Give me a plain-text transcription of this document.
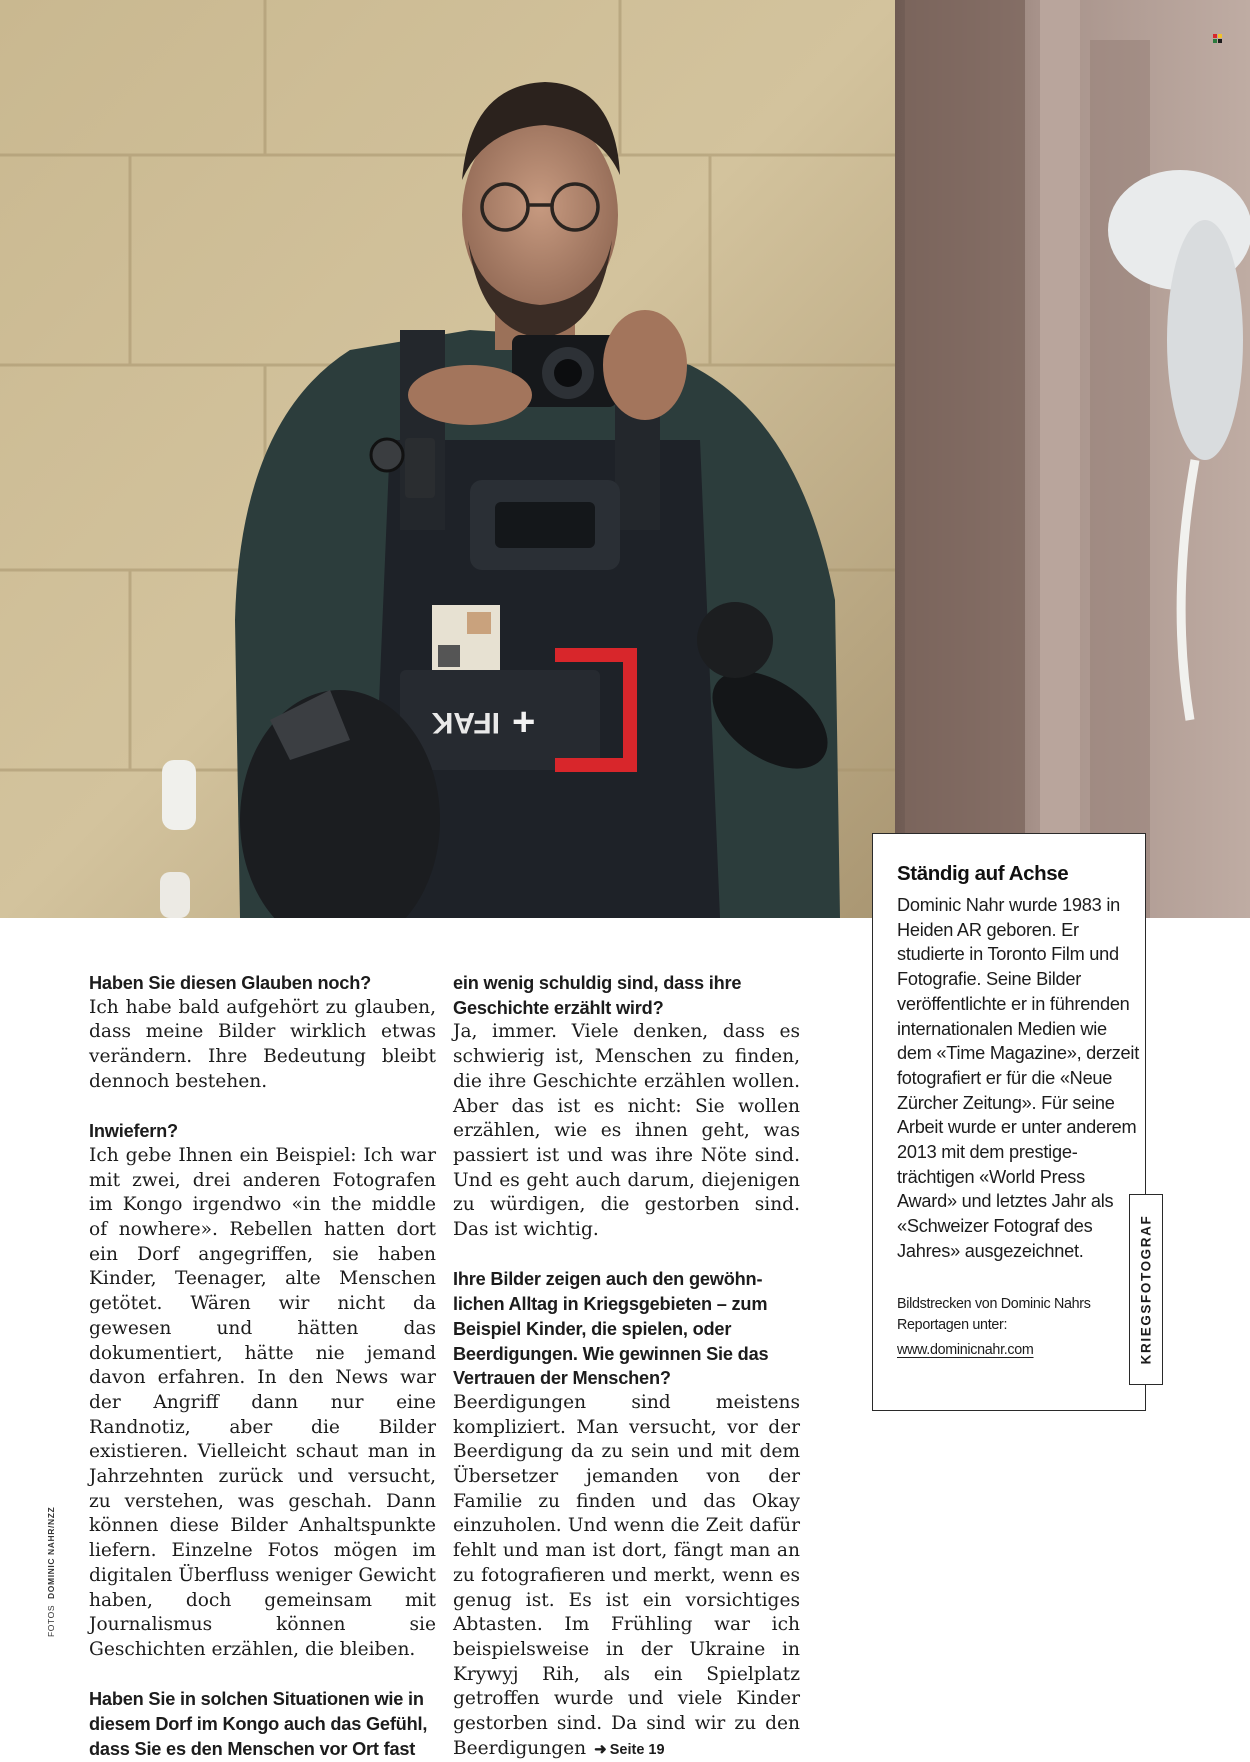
IFAK +
FOTOS  DOMINIC NAHR/NZZ

Haben Sie diesen Glauben noch?

Ich habe bald aufgehört zu glauben, dass meine Bilder wirklich etwas verändern. Ihre Bedeutung bleibt dennoch bestehen.

Inwiefern?

Ich gebe Ihnen ein Beispiel: Ich war mit zwei, drei anderen Fotografen im Kongo irgendwo «in the middle of nowhere». Rebellen hatten dort ein Dorf angegriffen, sie haben Kinder, Teenager, alte Menschen getötet. Wären wir nicht da gewesen und hätten das dokumentiert, hätte nie jemand davon erfahren. In den News war der Angriff dann nur eine Randnotiz, aber die Bilder existieren. Vielleicht schaut man in Jahrzehnten zurück und versucht, zu verstehen, was geschah. Dann können diese Bilder Anhaltspunkte liefern. Einzelne Fotos mögen im digitalen Überfluss weniger Gewicht haben, doch gemeinsam mit Journalismus können sie Geschichten erzählen, die bleiben.

Haben Sie in solchen Situationen wie in diesem Dorf im Kongo auch das Gefühl, dass Sie es den Menschen vor Ort fast

ein wenig schuldig sind, dass ihre Geschichte erzählt wird?

Ja, immer. Viele denken, dass es schwierig ist, Menschen zu finden, die ihre Geschichte erzählen wollen. Aber das ist es nicht: Sie wollen erzählen, wie es ihnen geht, was passiert ist und was ihre Nöte sind. Und es geht auch darum, diejenigen zu würdigen, die gestorben sind. Das ist wichtig.

Ihre Bilder zeigen auch den gewöhnlichen Alltag in Kriegsgebieten – zum Beispiel Kinder, die spielen, oder Beerdigungen. Wie gewinnen Sie das Vertrauen der Menschen?

Beerdigungen sind meistens kompliziert. Man versucht, vor der Beerdigung da zu sein und mit dem Übersetzer jemanden von der Familie zu finden und das Okay einzuholen. Und wenn die Zeit dafür fehlt und man ist dort, fängt man an zu fotografieren und merkt, wenn es genug ist. Es ist ein vorsichtiges Abtasten. Im Frühling war ich beispielsweise in der Ukraine in Krywyj Rih, als ein Spielplatz getroffen wurde und viele Kinder gestorben sind. Da sind wir zu den Beerdigungen ➜ Seite 19

Ständig auf Achse

Dominic Nahr wurde 1983 in Heiden AR geboren. Er studierte in Toronto Film und Fotografie. Seine Bilder veröffentlichte er in führenden internationalen Medien wie dem «Time Magazine», derzeit fotografiert er für die «Neue Zürcher Zeitung». Für seine Arbeit wurde er unter anderem 2013 mit dem prestigeträchtigen «World Press Award» und letztes Jahr als «Schweizer Fotograf des Jahres» ausgezeichnet.

Bildstrecken von Dominic Nahrs Reportagen unter:

www.dominicnahr.com	KRIEGSFOTOGRAF
